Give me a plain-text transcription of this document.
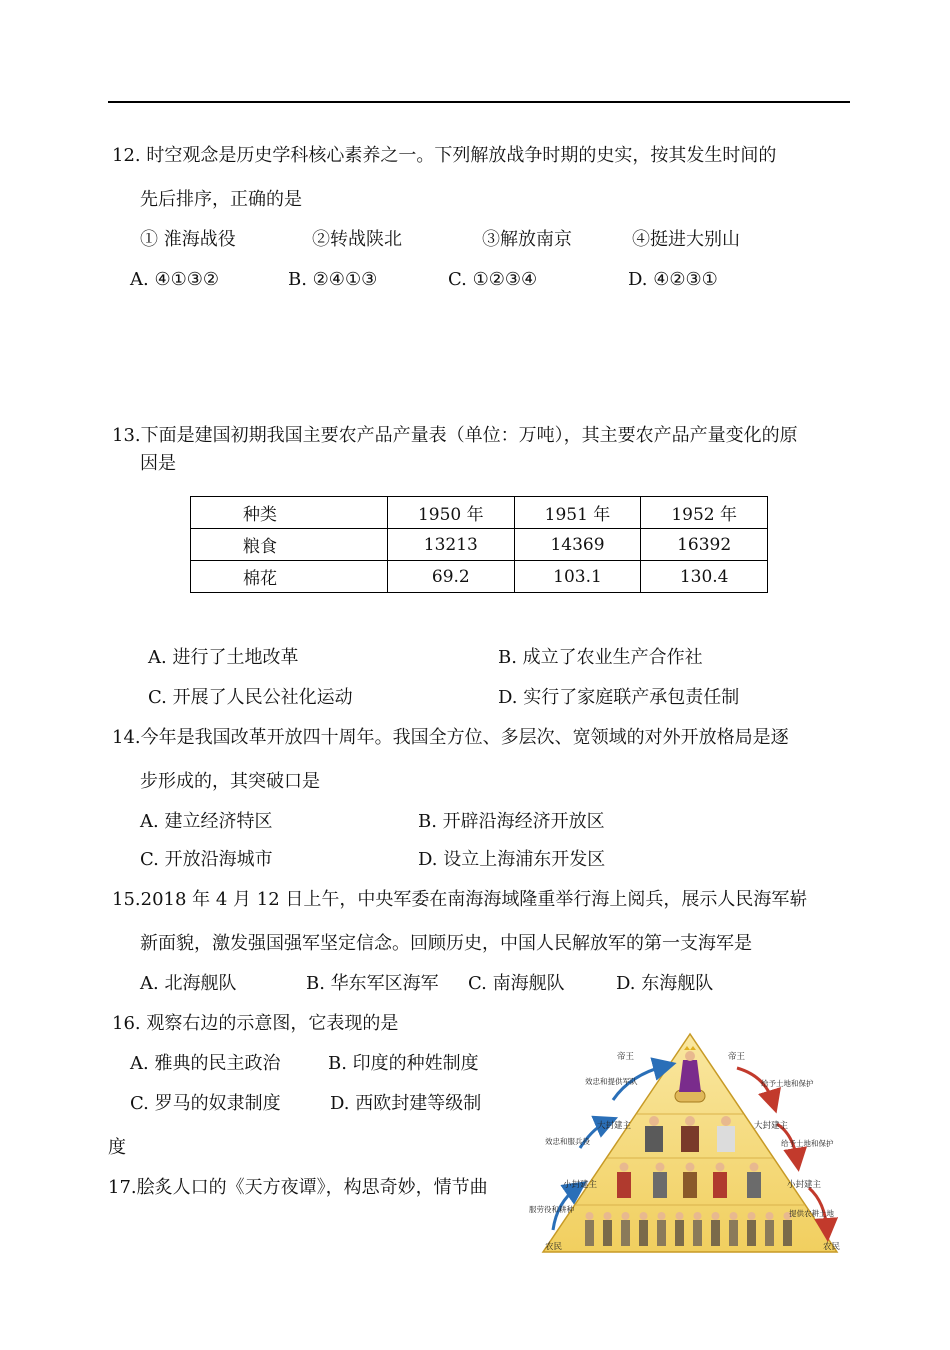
12. 时空观念是历史学科核心素养之一。下列解放战争时期的史实，按其发生时间的
先后排序，正确的是
① 淮海战役	②转战陕北	③解放南京	④挺进大别山
A. ④①③②	B. ②④①③	C. ①②③④	D. ④②③①
13.下面是建国初期我国主要农产品产量表（单位：万吨），其主要农产品产量变化的原
因是
种类	1950 年	1951 年	1952 年
粮食	13213	14369	16392
棉花	69.2	103.1	130.4
A. 进行了土地改革	B. 成立了农业生产合作社
C. 开展了人民公社化运动	D. 实行了家庭联产承包责任制
14.今年是我国改革开放四十周年。我国全方位、多层次、宽领域的对外开放格局是逐
步形成的，其突破口是
A. 建立经济特区	B. 开辟沿海经济开放区
C. 开放沿海城市	D. 设立上海浦东开发区
15.2018 年 4 月 12 日上午，中央军委在南海海域隆重举行海上阅兵，展示人民海军崭
新面貌，激发强国强军坚定信念。回顾历史，中国人民解放军的第一支海军是
A. 北海舰队	B. 华东军区海军 C. 南海舰队	D. 东海舰队
16. 观察右边的示意图，它表现的是
A. 雅典的民主政治	B. 印度的种姓制度
C. 罗马的奴隶制度	D. 西欧封建等级制
度
17.脍炙人口的《天方夜谭》，构思奇妙，情节曲
帝王	帝王
大封建主	大封建主
小封建主	小封建主
农民	农民
效忠和提供军队
效忠和服兵役
服劳役和耕种
给予土地和保护
给予土地和保护
提供农耕土地
